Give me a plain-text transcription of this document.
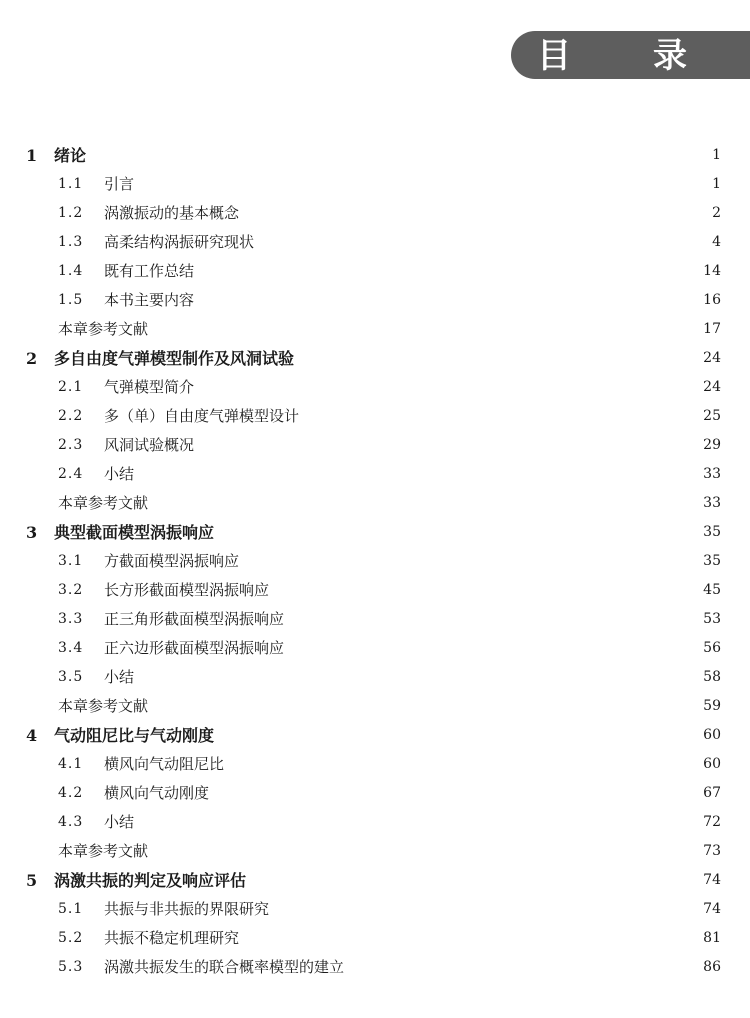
目 录
1 绪论	1
1.1 引言	1
1.2 涡激振动的基本概念	2
1.3 高柔结构涡振研究现状	4
1.4 既有工作总结	14
1.5 本书主要内容	16
本章参考文献	17
2 多自由度气弹模型制作及风洞试验	24
2.1 气弹模型简介	24
2.2 多（单）自由度气弹模型设计	25
2.3 风洞试验概况	29
2.4 小结	33
本章参考文献	33
3 典型截面模型涡振响应	35
3.1 方截面模型涡振响应	35
3.2 长方形截面模型涡振响应	45
3.3 正三角形截面模型涡振响应	53
3.4 正六边形截面模型涡振响应	56
3.5 小结	58
本章参考文献	59
4 气动阻尼比与气动刚度	60
4.1 横风向气动阻尼比	60
4.2 横风向气动刚度	67
4.3 小结	72
本章参考文献	73
5 涡激共振的判定及响应评估	74
5.1 共振与非共振的界限研究	74
5.2 共振不稳定机理研究	81
5.3 涡激共振发生的联合概率模型的建立	86
